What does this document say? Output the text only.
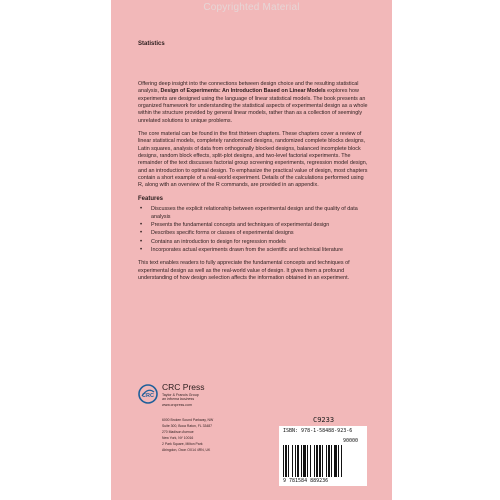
Copyrighted Material
Statistics

Offering deep insight into the connections between design choice and the resulting statistical analysis, Design of Experiments: An Introduction Based on Linear Models explores how experiments are designed using the language of linear statistical models. The book presents an organized framework for understanding the statistical aspects of experimental design as a whole within the structure provided by general linear models, rather than as a collection of seemingly unrelated solutions to unique problems.

The core material can be found in the first thirteen chapters. These chapters cover a review of linear statistical models, completely randomized designs, randomized complete blocks designs, Latin squares, analysis of data from orthogonally blocked designs, balanced incomplete block designs, random block effects, split-plot designs, and two-level factorial experiments. The remainder of the text discusses factorial group screening experiments, regression model design, and an introduction to optimal design. To emphasize the practical value of design, most chapters contain a short example of a real-world experiment. Details of the calculations performed using R, along with an overview of the R commands, are provided in an appendix.

Features
• Discusses the explicit relationship between experimental design and the quality of data analysis
• Presents the fundamental concepts and techniques of experimental design
• Describes specific forms or classes of experimental designs
• Contains an introduction to design for regression models
• Incorporates actual experiments drawn from the scientific and technical literature

This text enables readers to fully appreciate the fundamental concepts and techniques of experimental design as well as the real-world value of design. It gives them a profound understanding of how design selection affects the information obtained in an experiment.

CRC
CRC Press
Taylor & Francis Group
an informa business
www.crcpress.com
6000 Broken Sound Parkway, NW
Suite 300, Boca Raton, FL 33487
270 Madison Avenue
New York, NY 10016
2 Park Square, Milton Park
Abingdon, Oxon OX14 4RN, UK
C9233
ISBN: 978-1-58488-923-6
90000
9 781584 889236
